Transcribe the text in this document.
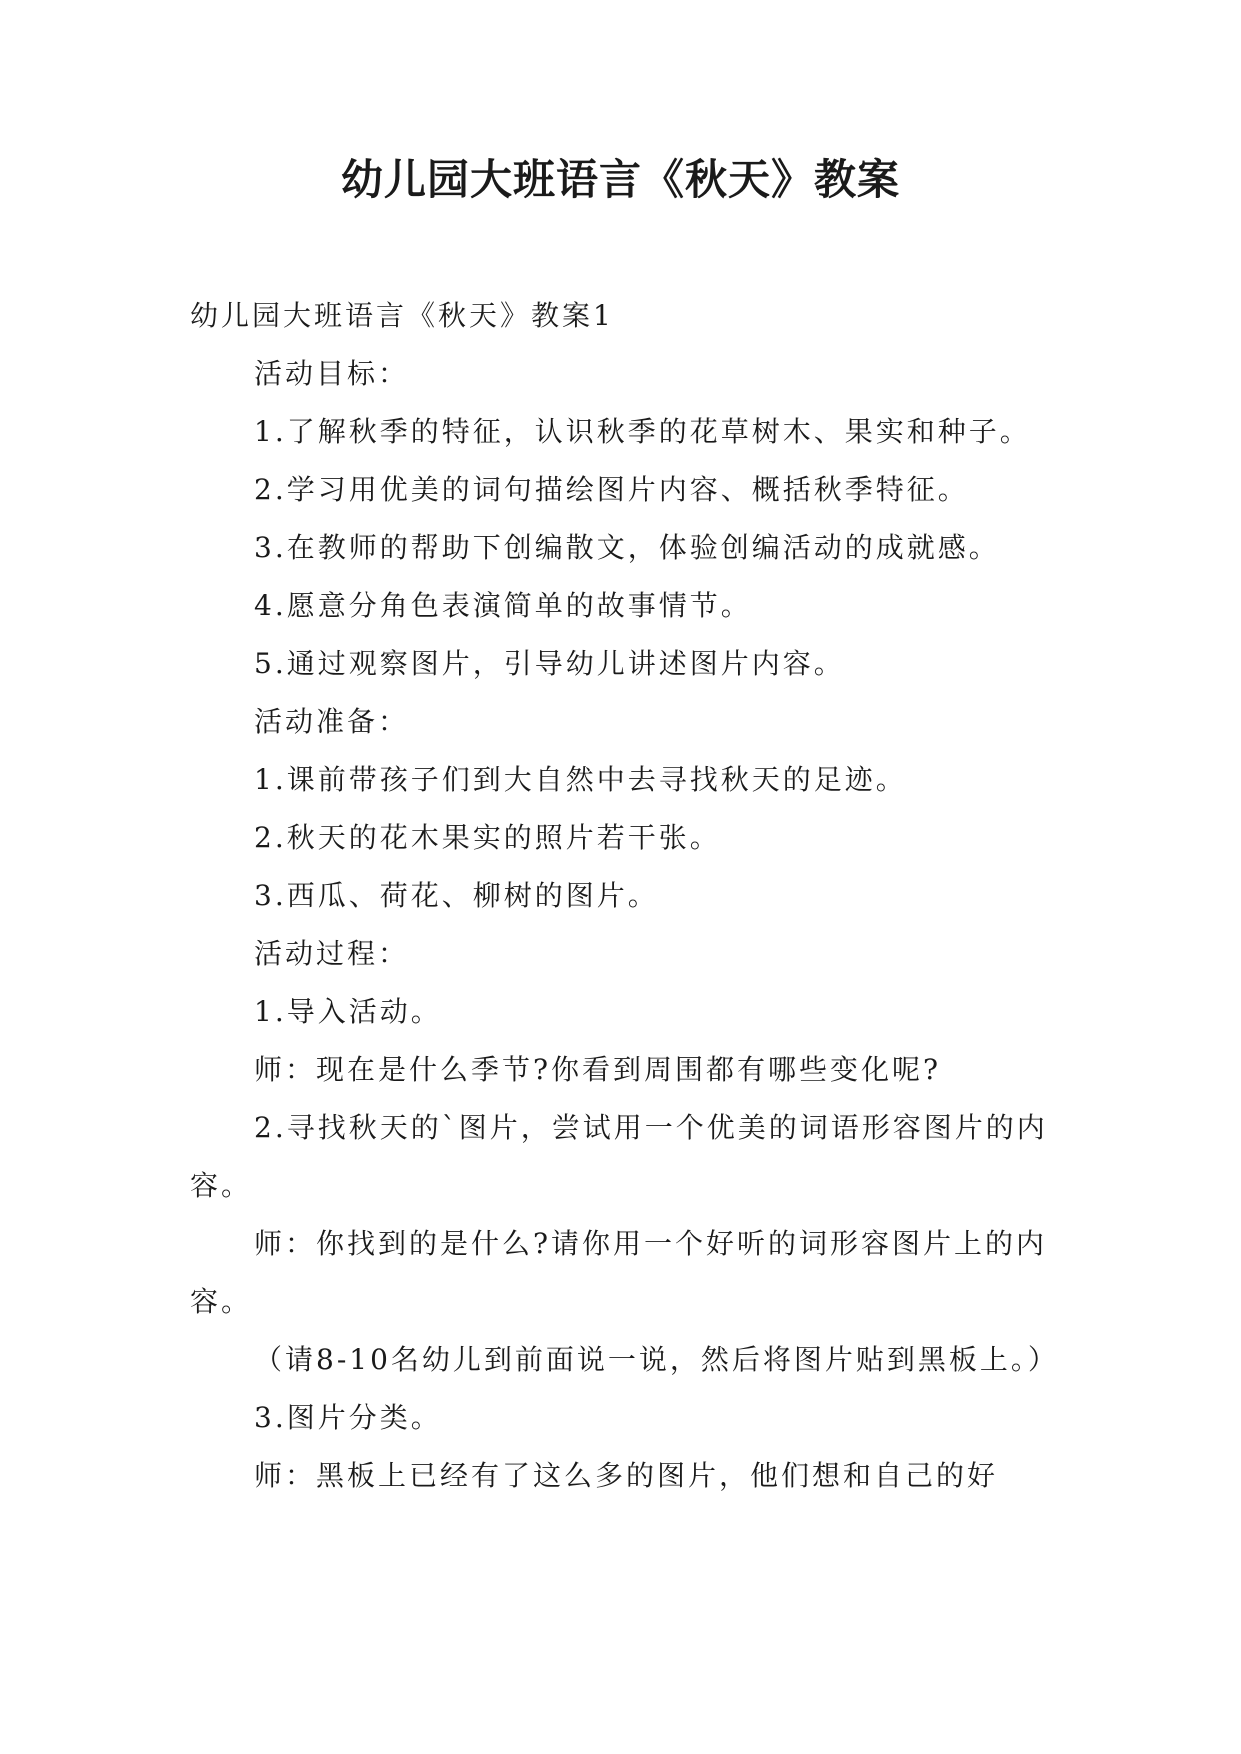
幼儿园大班语言《秋天》教案

幼儿园大班语言《秋天》教案1

活动目标：

1.了解秋季的特征，认识秋季的花草树木、果实和种子。

2.学习用优美的词句描绘图片内容、概括秋季特征。

3.在教师的帮助下创编散文，体验创编活动的成就感。

4.愿意分角色表演简单的故事情节。

5.通过观察图片，引导幼儿讲述图片内容。

活动准备：

1.课前带孩子们到大自然中去寻找秋天的足迹。

2.秋天的花木果实的照片若干张。

3.西瓜、荷花、柳树的图片。

活动过程：

1.导入活动。

师：现在是什么季节?你看到周围都有哪些变化呢?

2.寻找秋天的`图片，尝试用一个优美的词语形容图片的内容。

师：你找到的是什么?请你用一个好听的词形容图片上的内容。

（请8-10名幼儿到前面说一说，然后将图片贴到黑板上。）

3.图片分类。

师：黑板上已经有了这么多的图片，他们想和自己的好
